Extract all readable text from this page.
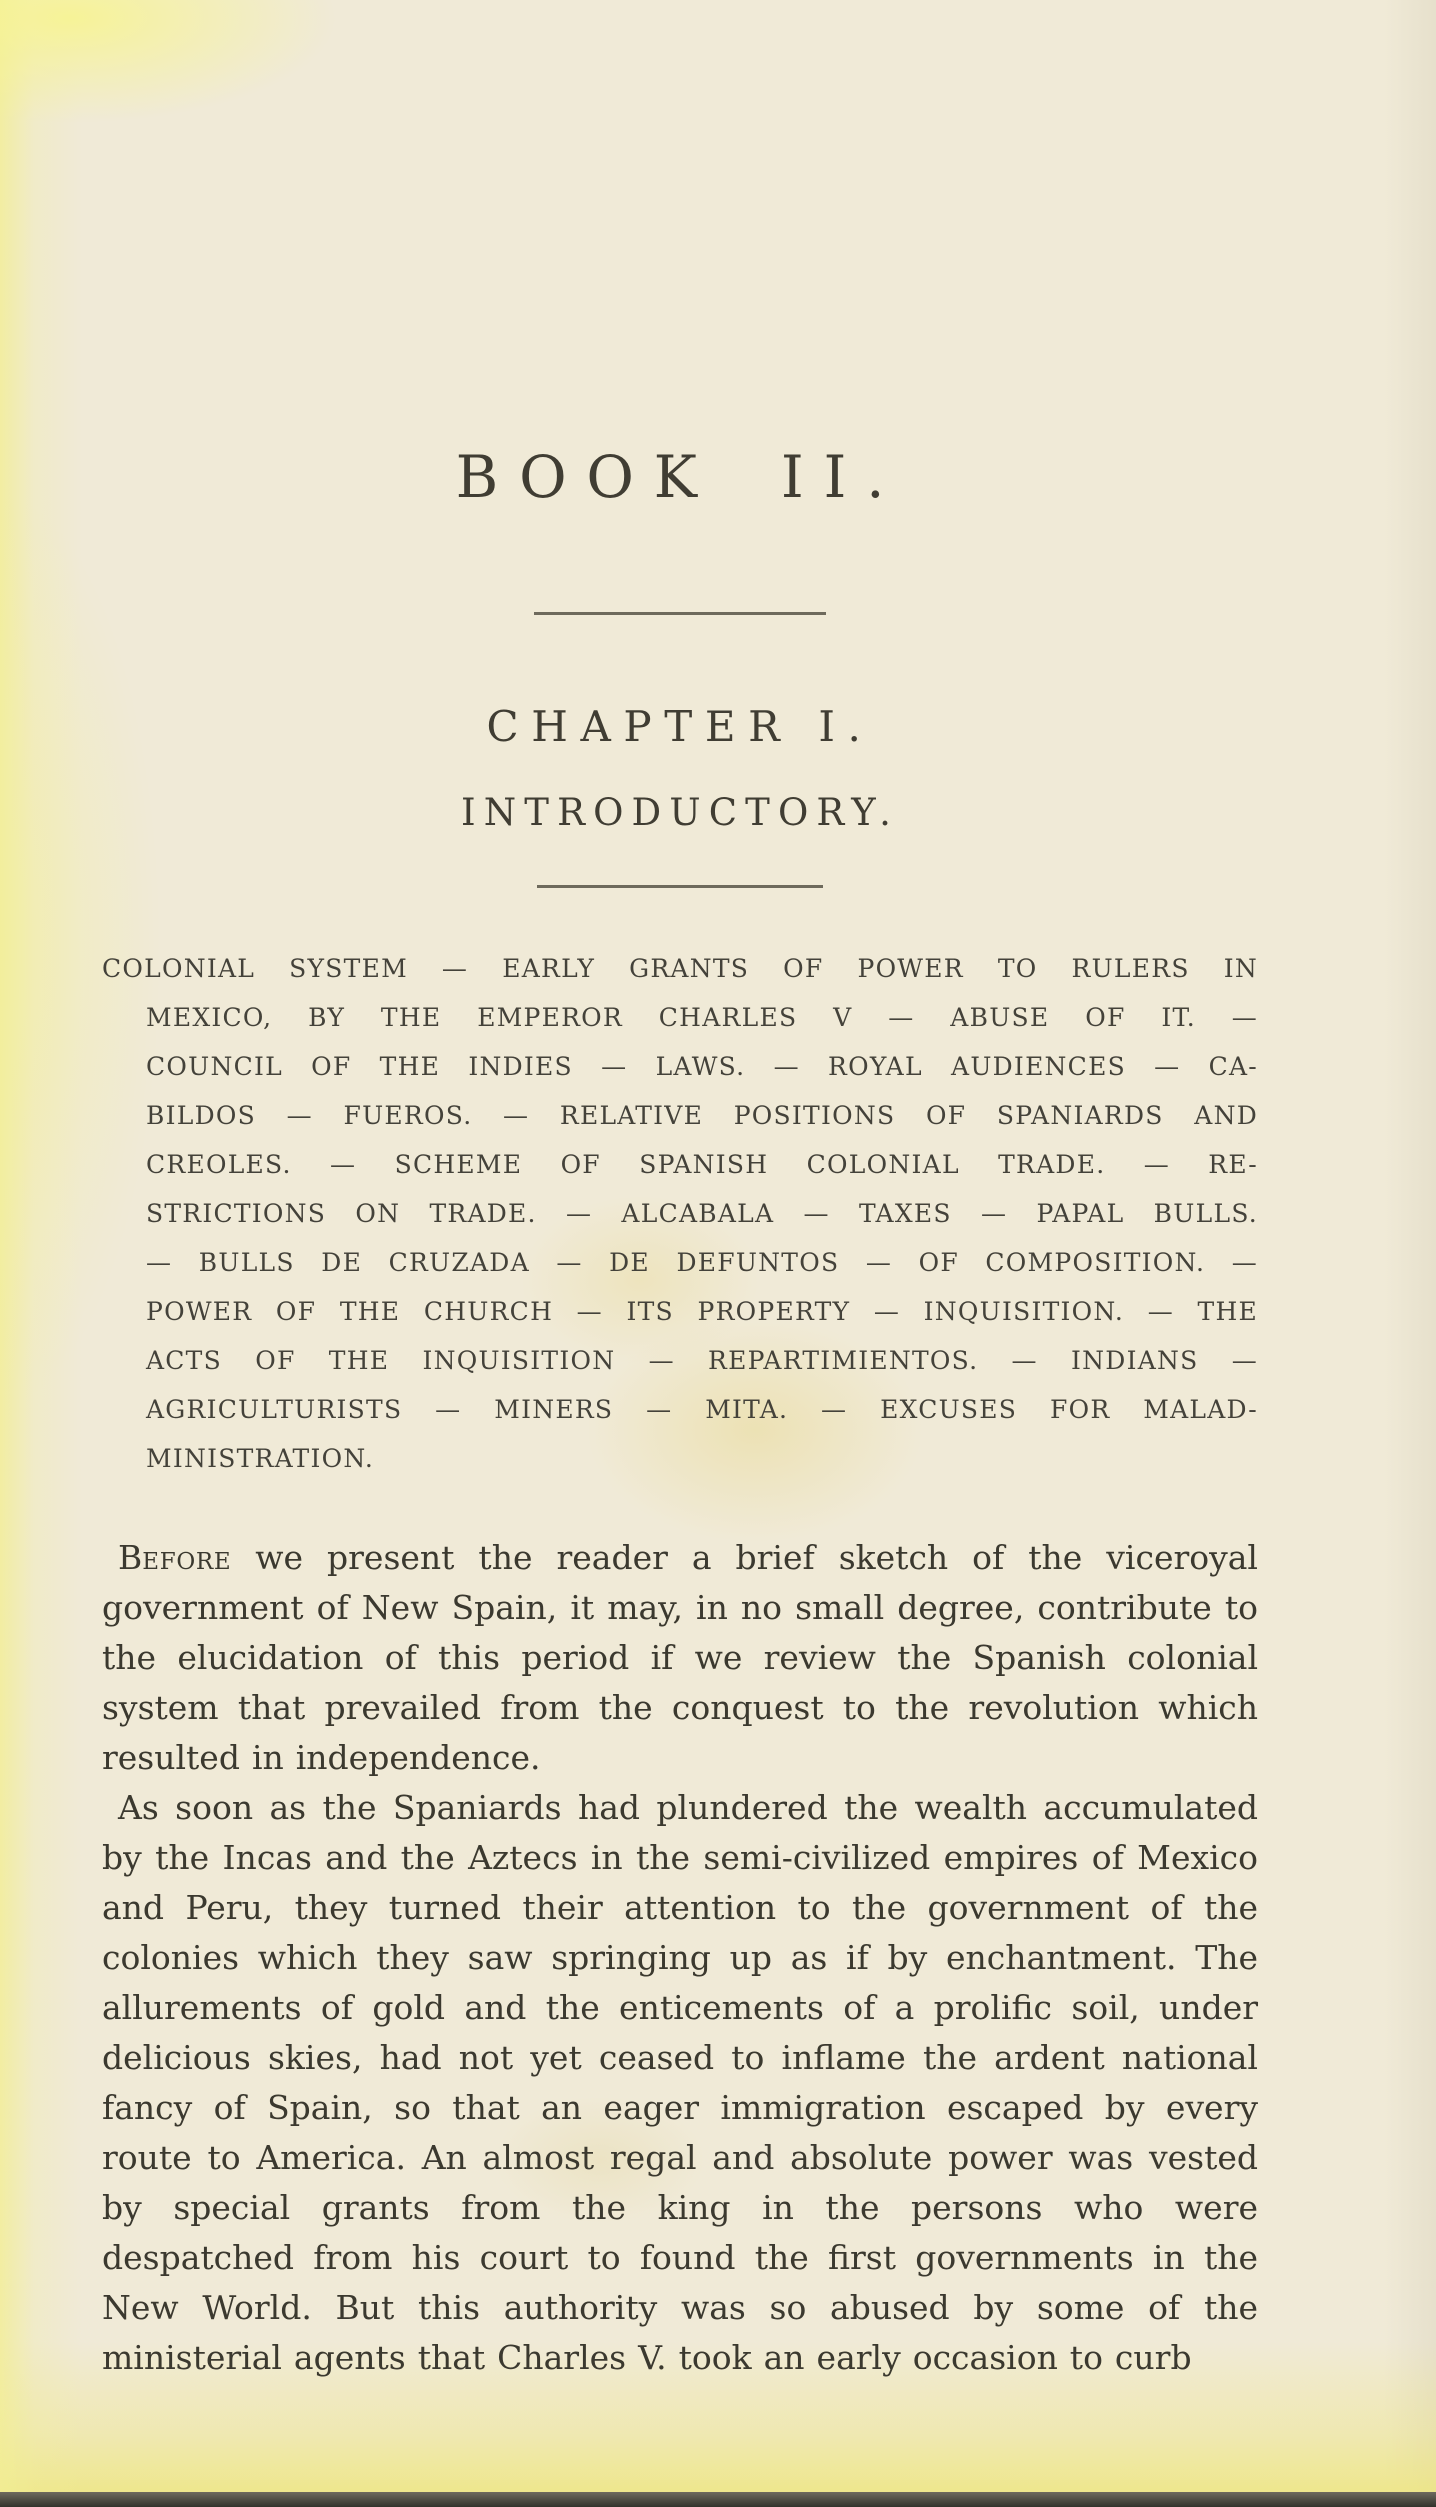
BOOK II.
CHAPTER I.
INTRODUCTORY.
COLONIAL SYSTEM — EARLY GRANTS OF POWER TO RULERS IN
MEXICO, BY THE EMPEROR CHARLES V — ABUSE OF IT. —
COUNCIL OF THE INDIES — LAWS. — ROYAL AUDIENCES — CA-
BILDOS — FUEROS. — RELATIVE POSITIONS OF SPANIARDS AND
CREOLES. — SCHEME OF SPANISH COLONIAL TRADE. — RE-
STRICTIONS ON TRADE. — ALCABALA — TAXES — PAPAL BULLS.
— BULLS DE CRUZADA — DE DEFUNTOS — OF COMPOSITION. —
POWER OF THE CHURCH — ITS PROPERTY — INQUISITION. — THE
ACTS OF THE INQUISITION — REPARTIMIENTOS. — INDIANS —
AGRICULTURISTS — MINERS — MITA. — EXCUSES FOR MALAD-
MINISTRATION.

Before we present the reader a brief sketch of the viceroyal government of New Spain, it may, in no small degree, contribute to the elucidation of this period if we review the Spanish colonial system that prevailed from the conquest to the revolution which resulted in independence.

As soon as the Spaniards had plundered the wealth accumulated by the Incas and the Aztecs in the semi-civilized empires of Mexico and Peru, they turned their attention to the government of the colonies which they saw springing up as if by enchantment. The allurements of gold and the enticements of a prolific soil, under delicious skies, had not yet ceased to inflame the ardent national fancy of Spain, so that an eager immigration escaped by every route to America. An almost regal and absolute power was vested by special grants from the king in the persons who were despatched from his court to found the first governments in the New World. But this authority was so abused by some of the ministerial agents that Charles V. took an early occasion to curb
